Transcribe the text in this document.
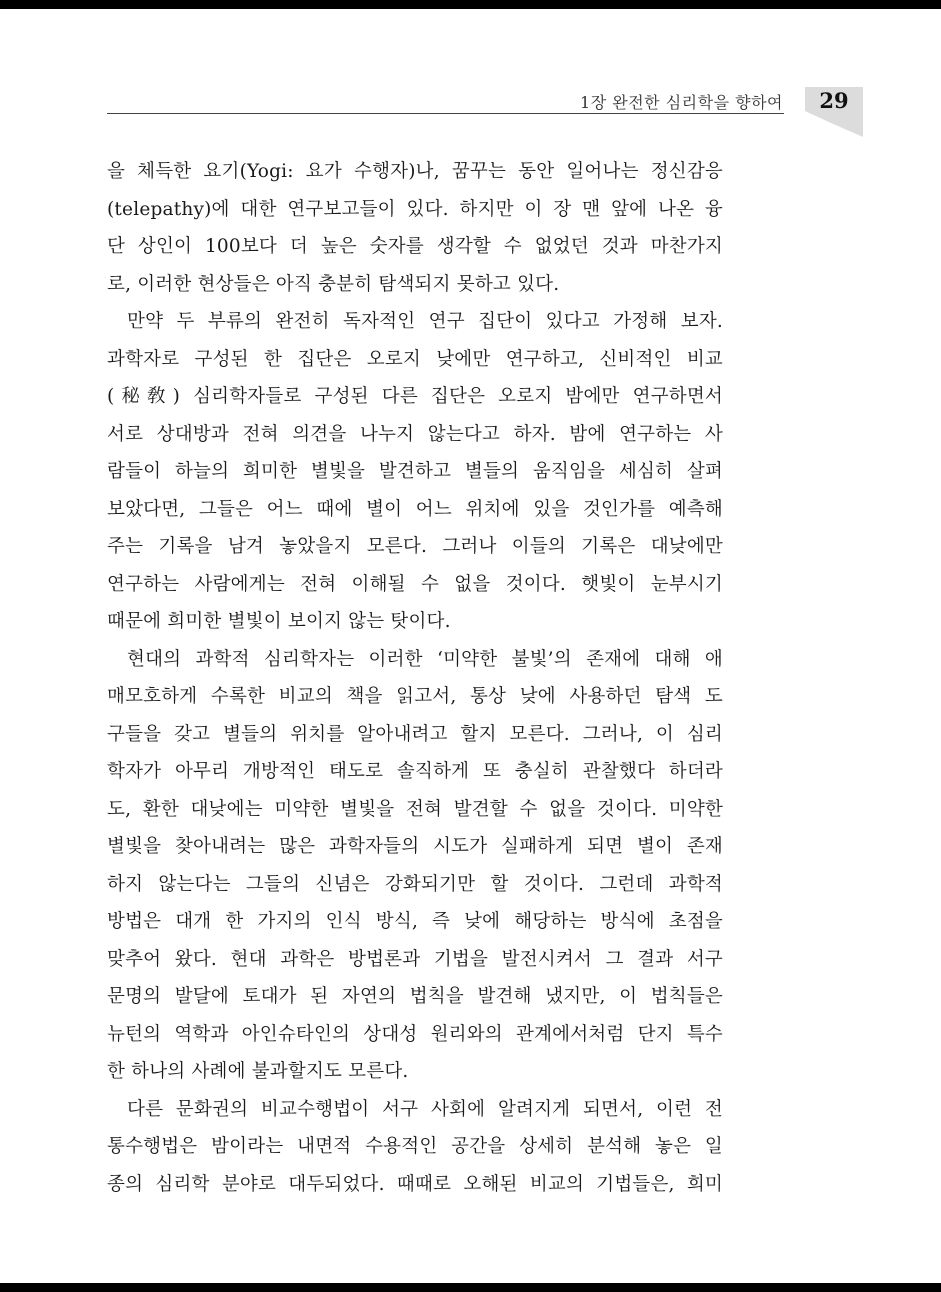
1장 완전한 심리학을 향하여	29
을 체득한 요기(Yogi: 요가 수행자)나, 꿈꾸는 동안 일어나는 정신감응
(telepathy)에 대한 연구보고들이 있다. 하지만 이 장 맨 앞에 나온 융
단 상인이 100보다 더 높은 숫자를 생각할 수 없었던 것과 마찬가지
로, 이러한 현상들은 아직 충분히 탐색되지 못하고 있다.
만약 두 부류의 완전히 독자적인 연구 집단이 있다고 가정해 보자.
과학자로 구성된 한 집단은 오로지 낮에만 연구하고, 신비적인 비교
(秘敎) 심리학자들로 구성된 다른 집단은 오로지 밤에만 연구하면서
서로 상대방과 전혀 의견을 나누지 않는다고 하자. 밤에 연구하는 사
람들이 하늘의 희미한 별빛을 발견하고 별들의 움직임을 세심히 살펴
보았다면, 그들은 어느 때에 별이 어느 위치에 있을 것인가를 예측해
주는 기록을 남겨 놓았을지 모른다. 그러나 이들의 기록은 대낮에만
연구하는 사람에게는 전혀 이해될 수 없을 것이다. 햇빛이 눈부시기
때문에 희미한 별빛이 보이지 않는 탓이다.
현대의 과학적 심리학자는 이러한 ‘미약한 불빛’의 존재에 대해 애
매모호하게 수록한 비교의 책을 읽고서, 통상 낮에 사용하던 탐색 도
구들을 갖고 별들의 위치를 알아내려고 할지 모른다. 그러나, 이 심리
학자가 아무리 개방적인 태도로 솔직하게 또 충실히 관찰했다 하더라
도, 환한 대낮에는 미약한 별빛을 전혀 발견할 수 없을 것이다. 미약한
별빛을 찾아내려는 많은 과학자들의 시도가 실패하게 되면 별이 존재
하지 않는다는 그들의 신념은 강화되기만 할 것이다. 그런데 과학적
방법은 대개 한 가지의 인식 방식, 즉 낮에 해당하는 방식에 초점을
맞추어 왔다. 현대 과학은 방법론과 기법을 발전시켜서 그 결과 서구
문명의 발달에 토대가 된 자연의 법칙을 발견해 냈지만, 이 법칙들은
뉴턴의 역학과 아인슈타인의 상대성 원리와의 관계에서처럼 단지 특수
한 하나의 사례에 불과할지도 모른다.
다른 문화권의 비교수행법이 서구 사회에 알려지게 되면서, 이런 전
통수행법은 밤이라는 내면적 수용적인 공간을 상세히 분석해 놓은 일
종의 심리학 분야로 대두되었다. 때때로 오해된 비교의 기법들은, 희미
